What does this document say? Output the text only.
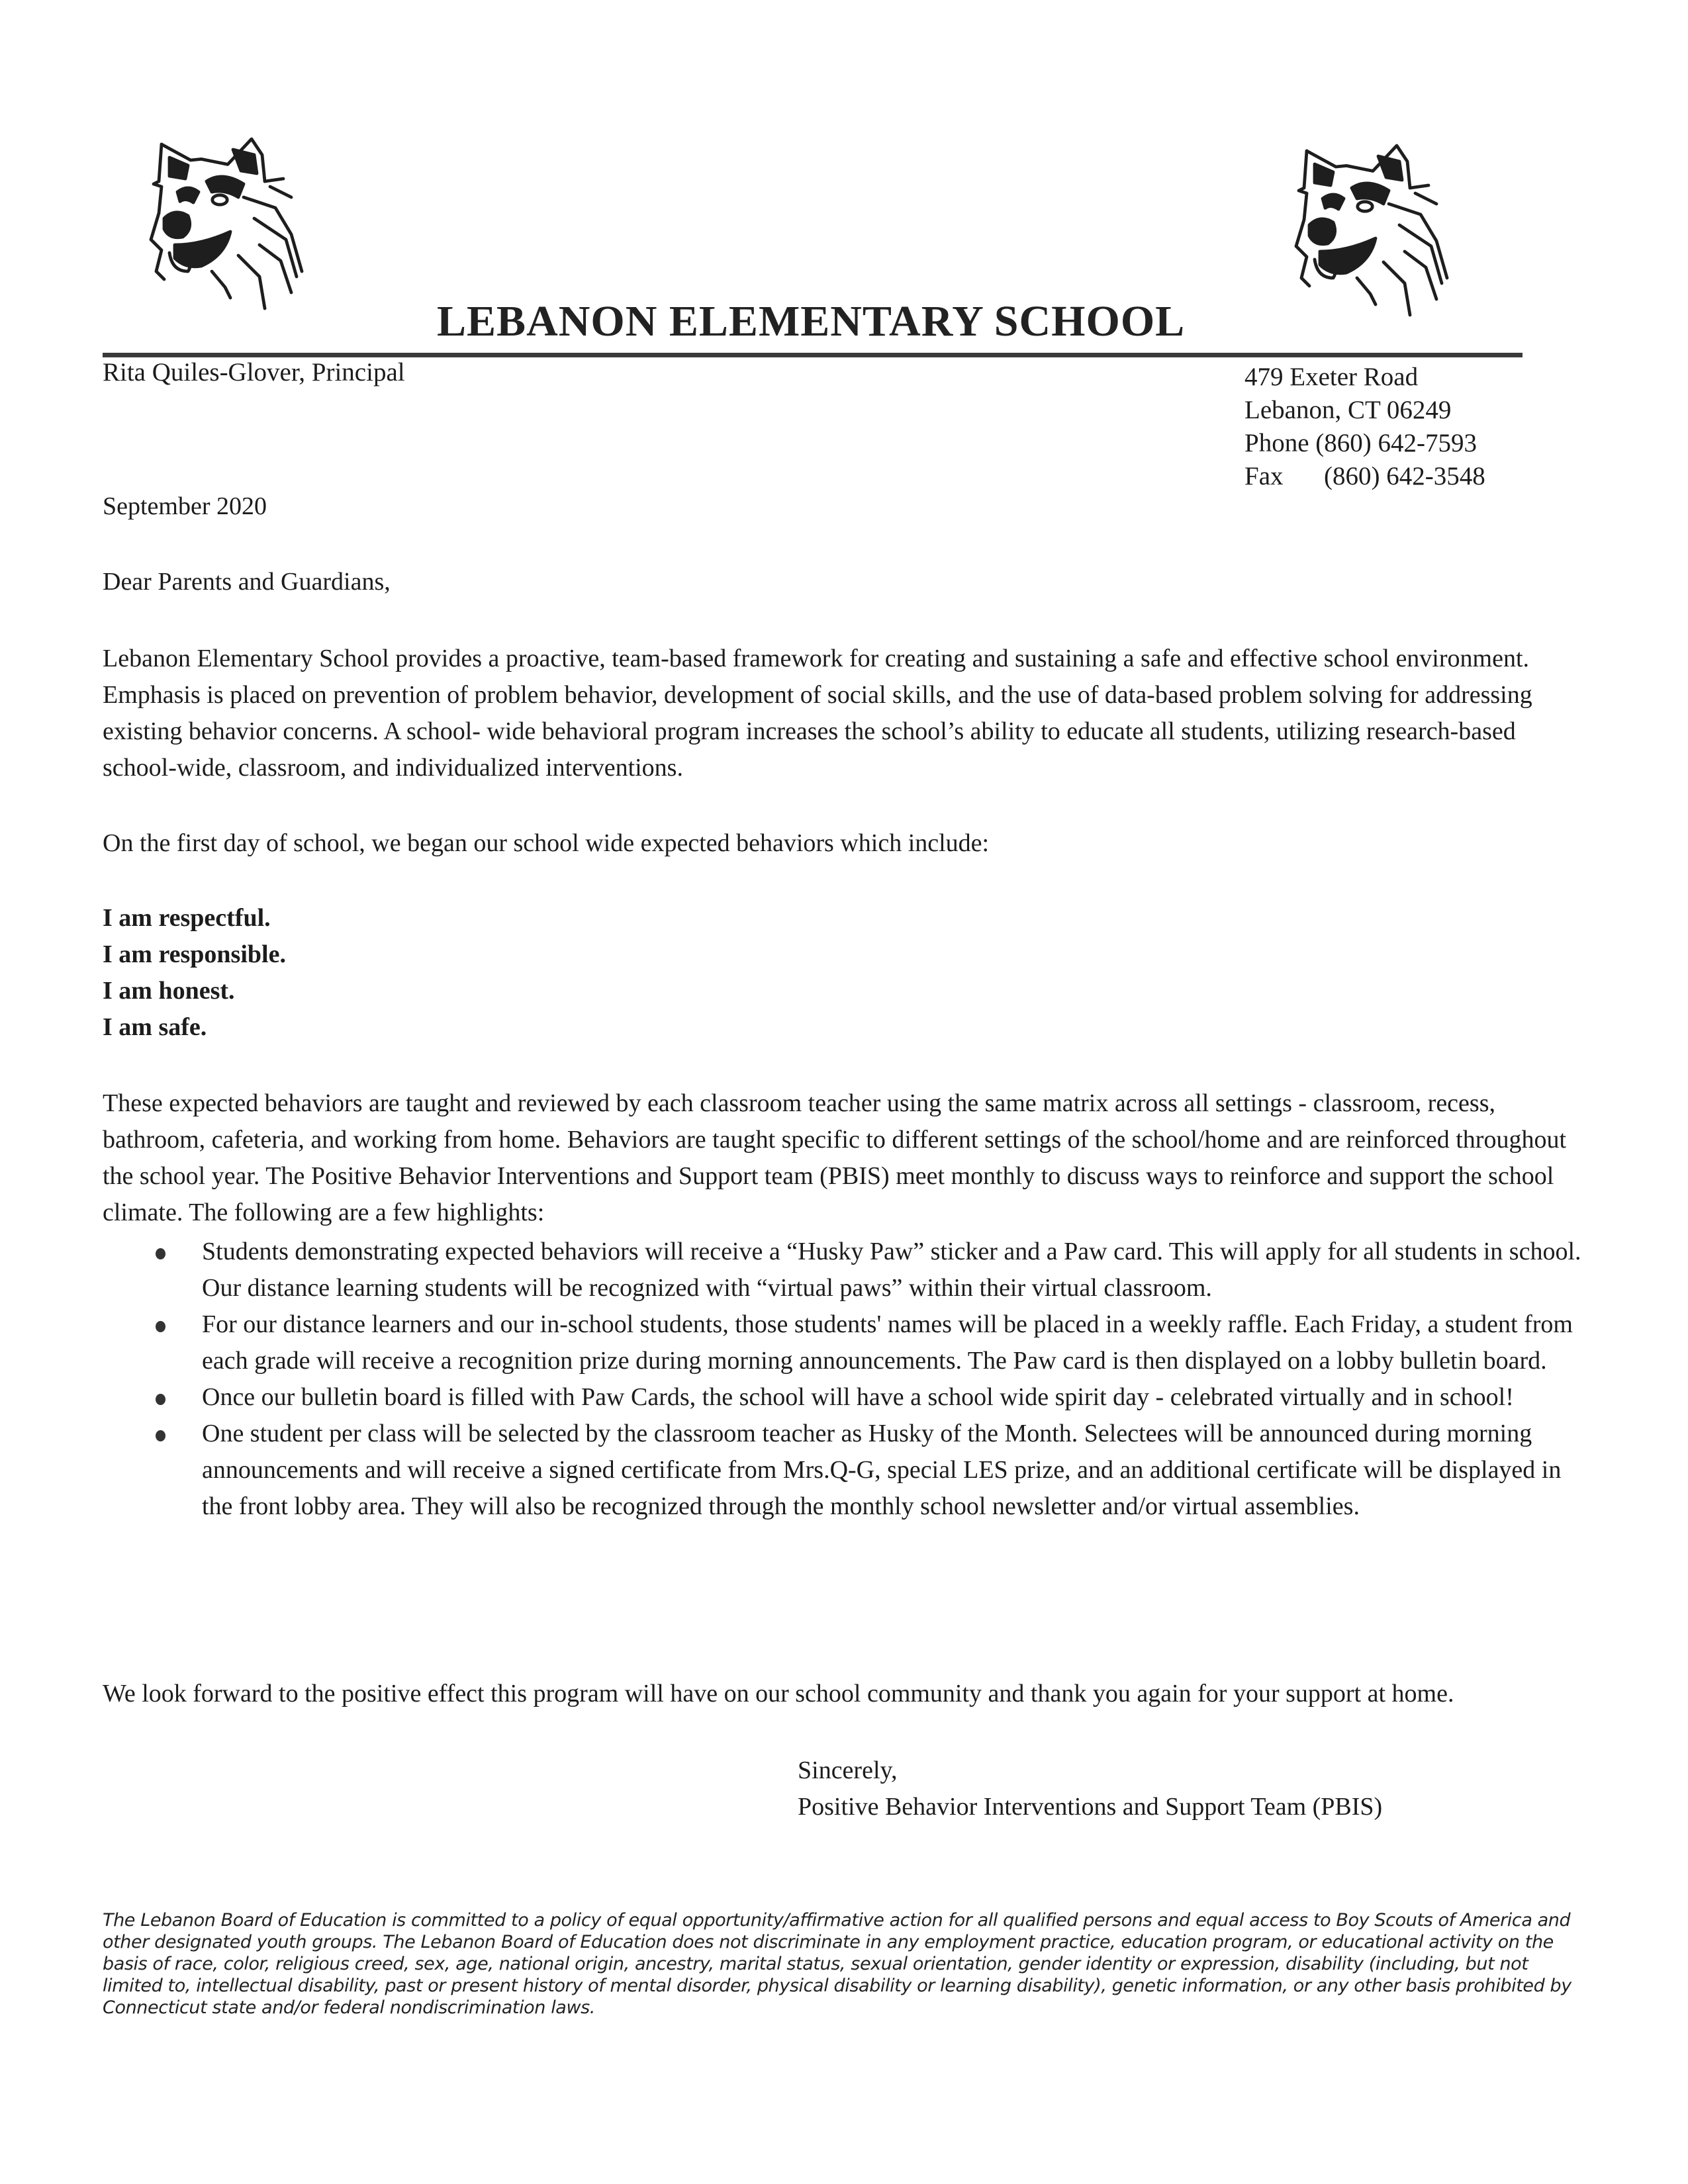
LEBANON ELEMENTARY SCHOOL
Rita Quiles-Glover, Principal	479 Exeter Road
Lebanon, CT 06249
Phone (860) 642-7593
Fax (860) 642-3548
September 2020
Dear Parents and Guardians,

Lebanon Elementary School provides a proactive, team-based framework for creating and sustaining a safe and effective school environment. Emphasis is placed on prevention of problem behavior, development of social skills, and the use of data-based problem solving for addressing existing behavior concerns. A school- wide behavioral program increases the school’s ability to educate all students, utilizing research-based school-wide, classroom, and individualized interventions.

On the first day of school, we began our school wide expected behaviors which include:

I am respectful.
I am responsible.
I am honest.
I am safe.

These expected behaviors are taught and reviewed by each classroom teacher using the same matrix across all settings - classroom, recess, bathroom, cafeteria, and working from home. Behaviors are taught specific to different settings of the school/home and are reinforced throughout the school year. The Positive Behavior Interventions and Support team (PBIS) meet monthly to discuss ways to reinforce and support the school climate. The following are a few highlights:

Students demonstrating expected behaviors will receive a “Husky Paw” sticker and a Paw card. This will apply for all students in school. Our distance learning students will be recognized with “virtual paws” within their virtual classroom.
For our distance learners and our in-school students, those students' names will be placed in a weekly raffle. Each Friday, a student from each grade will receive a recognition prize during morning announcements. The Paw card is then displayed on a lobby bulletin board.
Once our bulletin board is filled with Paw Cards, the school will have a school wide spirit day - celebrated virtually and in school!
One student per class will be selected by the classroom teacher as Husky of the Month. Selectees will be announced during morning announcements and will receive a signed certificate from Mrs.Q-G, special LES prize, and an additional certificate will be displayed in the front lobby area. They will also be recognized through the monthly school newsletter and/or virtual assemblies.

We look forward to the positive effect this program will have on our school community and thank you again for your support at home.

Sincerely,
Positive Behavior Interventions and Support Team (PBIS)

The Lebanon Board of Education is committed to a policy of equal opportunity/affirmative action for all qualified persons and equal access to Boy Scouts of America and other designated youth groups. The Lebanon Board of Education does not discriminate in any employment practice, education program, or educational activity on the basis of race, color, religious creed, sex, age, national origin, ancestry, marital status, sexual orientation, gender identity or expression, disability (including, but not limited to, intellectual disability, past or present history of mental disorder, physical disability or learning disability), genetic information, or any other basis prohibited by Connecticut state and/or federal nondiscrimination laws.
